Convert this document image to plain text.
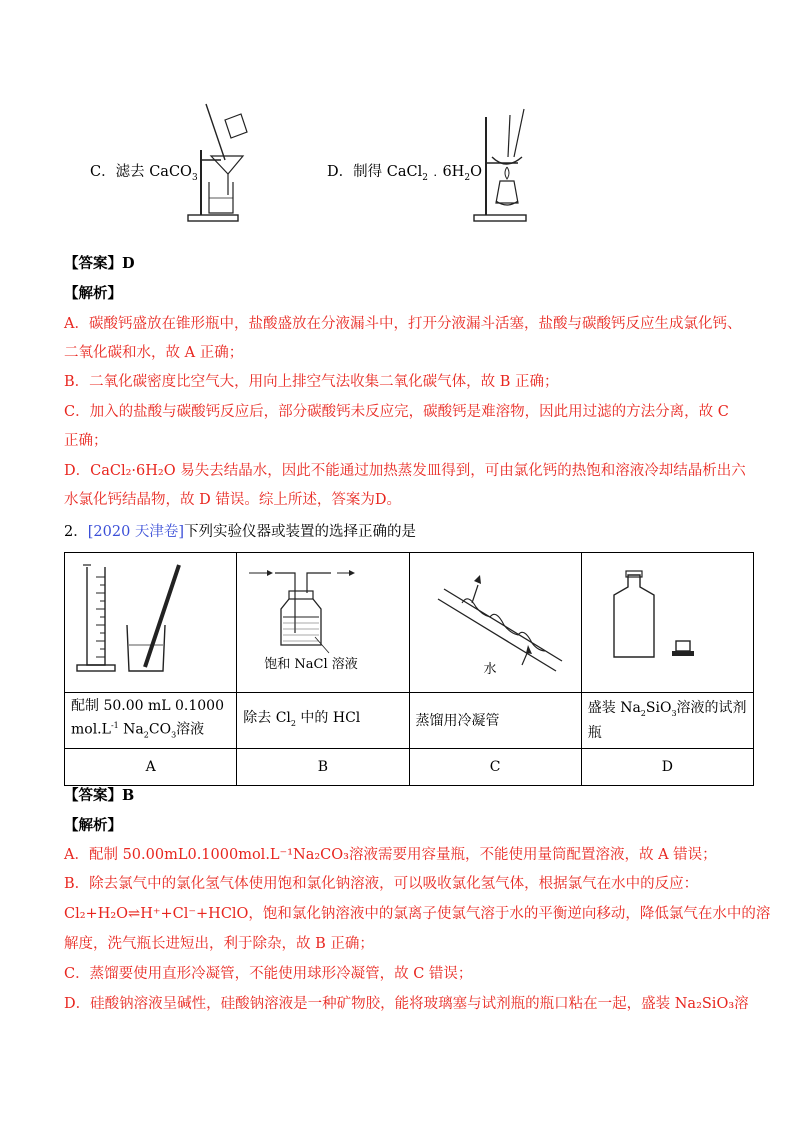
C．滤去 CaCO$_3$	D．制得 $CaCl_2﹒6H_2O$
【答案】D
【解析】
A．碳酸钙盛放在锥形瓶中，盐酸盛放在分液漏斗中，打开分液漏斗活塞，盐酸与碳酸钙反应生成氯化钙、
二氧化碳和水，故 A 正确；
B．二氧化碳密度比空气大，用向上排空气法收集二氧化碳气体，故 B 正确；
C．加入的盐酸与碳酸钙反应后，部分碳酸钙未反应完，碳酸钙是难溶物，因此用过滤的方法分离，故 C
正确；
D．CaCl₂·6H₂O 易失去结晶水，因此不能通过加热蒸发皿得到，可由氯化钙的热饱和溶液冷却结晶析出六
水氯化钙结晶物，故 D 错误。综上所述，答案为D。
2．[2020 天津卷]下列实验仪器或装置的选择正确的是

饱和 NaCl 溶液	水

配制 50.00 mL 0.1000
$mol.L^{-1}$ $Na_2CO_3$溶液	除去 $Cl_2$ 中的 HCl	蒸馏用冷凝管	盛装 $Na_2SiO_3$溶液的试剂瓶
A	B	C	D
【答案】B
【解析】
A．配制 50.00mL0.1000mol.L⁻¹Na₂CO₃溶液需要用容量瓶，不能使用量筒配置溶液，故 A 错误；
B．除去氯气中的氯化氢气体使用饱和氯化钠溶液，可以吸收氯化氢气体，根据氯气在水中的反应：
Cl₂+H₂O⇌H⁺+Cl⁻+HClO，饱和氯化钠溶液中的氯离子使氯气溶于水的平衡逆向移动，降低氯气在水中的溶
解度，洗气瓶长进短出，利于除杂，故 B 正确；
C．蒸馏要使用直形冷凝管，不能使用球形冷凝管，故 C 错误；
D．硅酸钠溶液呈碱性，硅酸钠溶液是一种矿物胶，能将玻璃塞与试剂瓶的瓶口粘在一起，盛装 Na₂SiO₃溶
